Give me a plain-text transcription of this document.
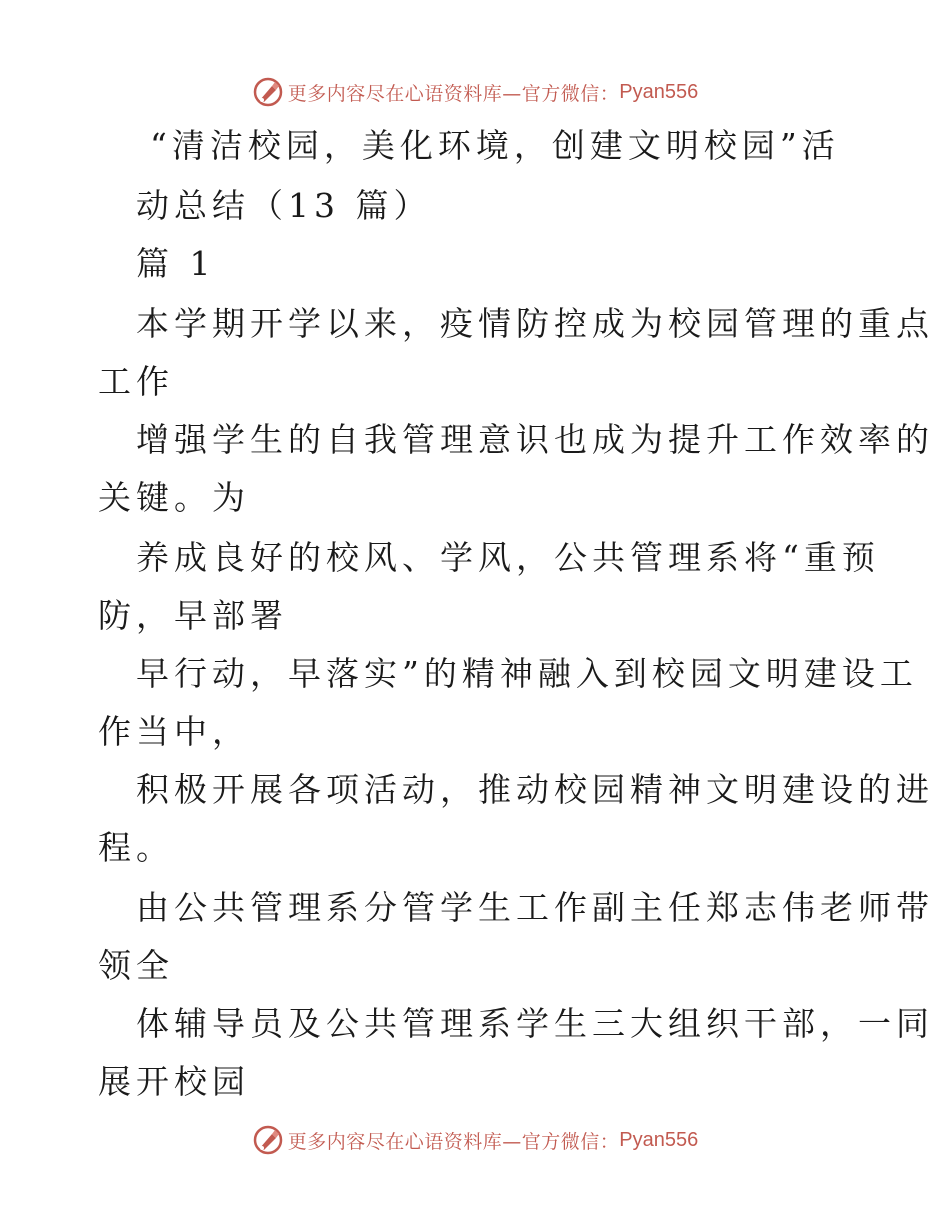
更多内容尽在心语资料库—官方微信： Pyan556
“清洁校园，美化环境，创建文明校园”活
动总结（13 篇）
篇 1
本学期开学以来，疫情防控成为校园管理的重点
工作
增强学生的自我管理意识也成为提升工作效率的
关键。为
养成良好的校风、学风，公共管理系将“重预
防，早部署
早行动，早落实”的精神融入到校园文明建设工
作当中，
积极开展各项活动，推动校园精神文明建设的进
程。
由公共管理系分管学生工作副主任郑志伟老师带
领全
体辅导员及公共管理系学生三大组织干部，一同
展开校园
更多内容尽在心语资料库—官方微信： Pyan556
